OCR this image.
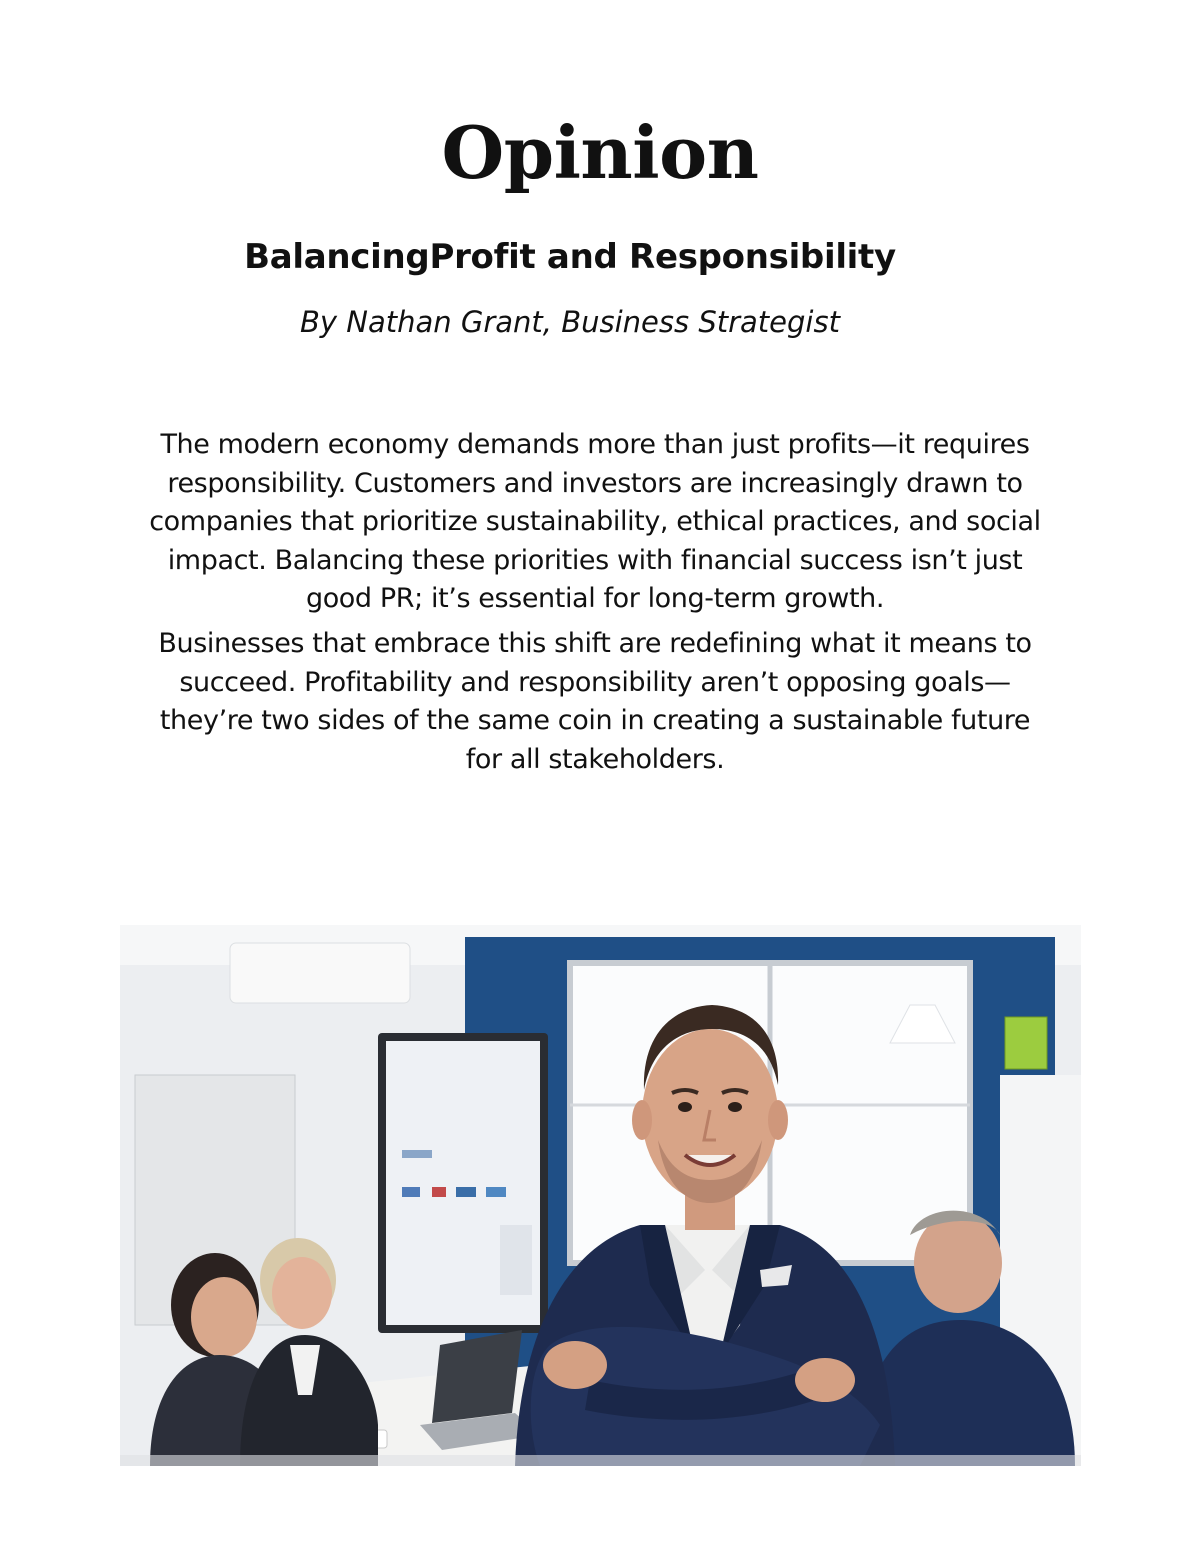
Opinion
BalancingProfit and Responsibility

By Nathan Grant, Business Strategist

The modern economy demands more than just profits—it requires responsibility. Customers and investors are increasingly drawn to companies that prioritize sustainability, ethical practices, and social impact. Balancing these priorities with financial success isn’t just good PR; it’s essential for long-term growth.

Businesses that embrace this shift are redefining what it means to succeed. Profitability and responsibility aren’t opposing goals—they’re two sides of the same coin in creating a sustainable future for all stakeholders.
